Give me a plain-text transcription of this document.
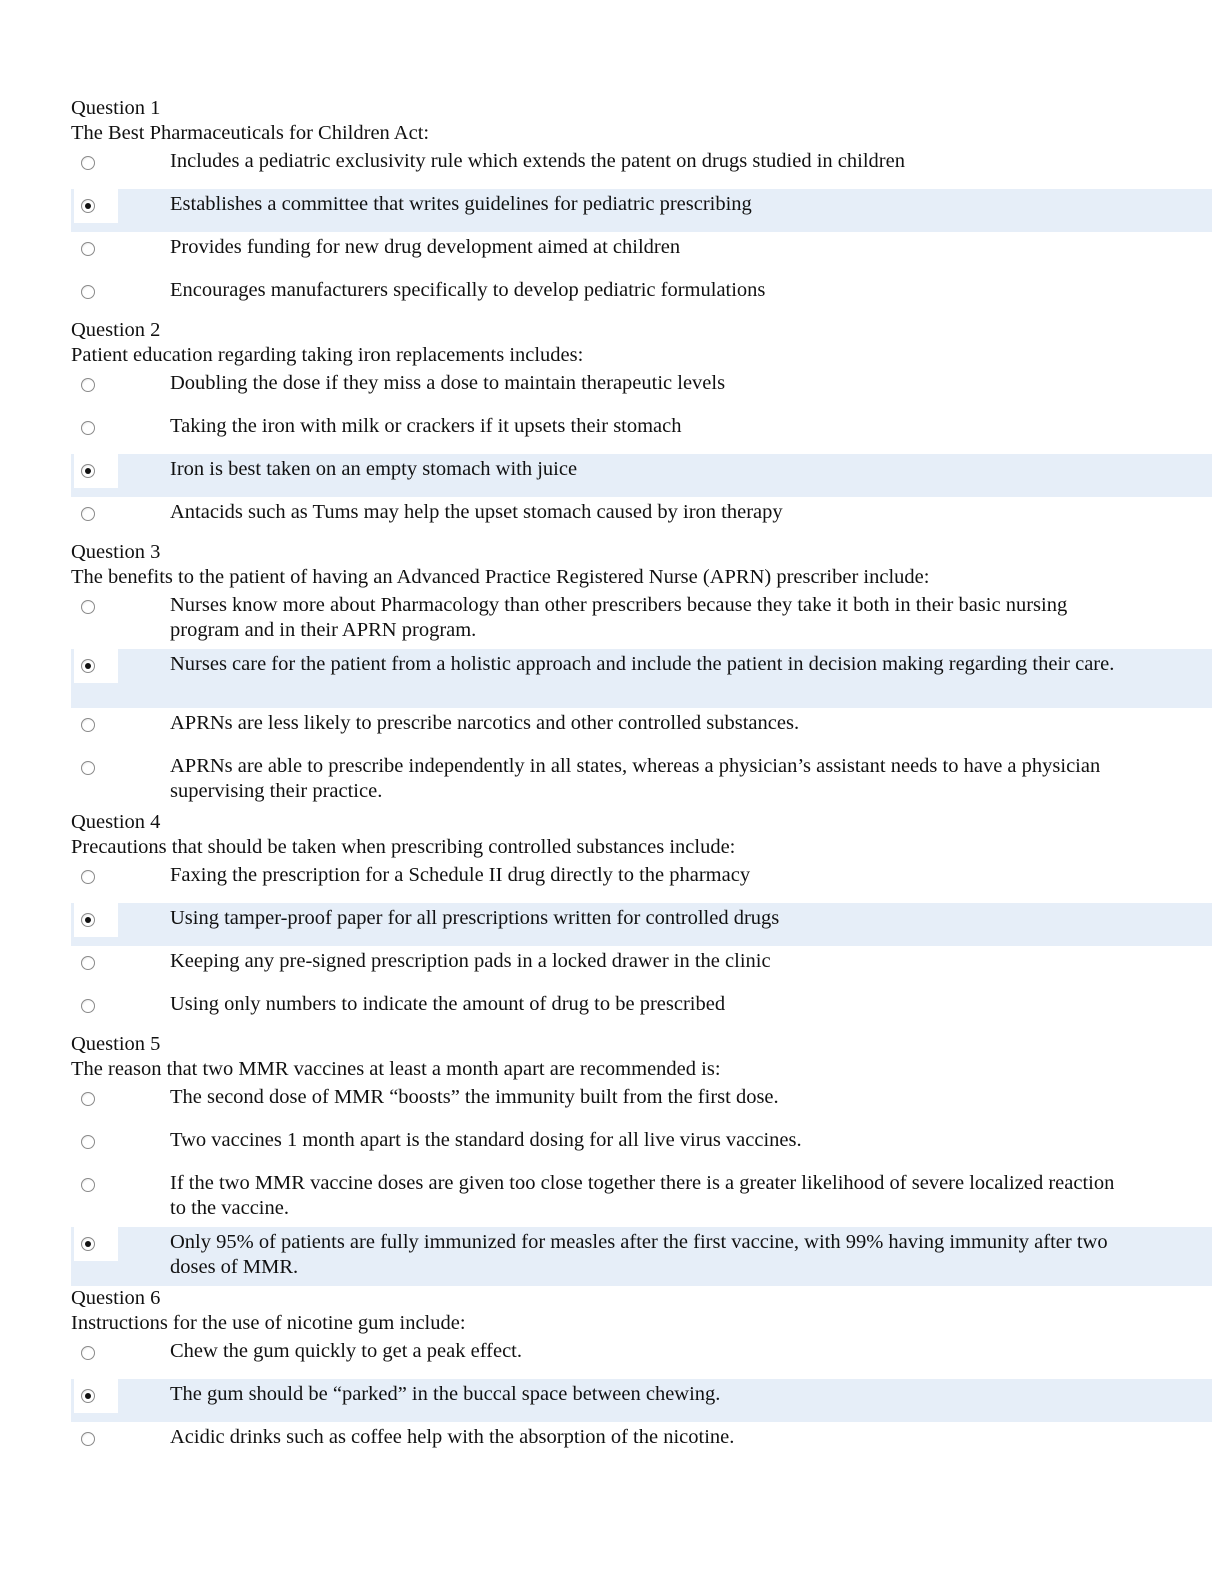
Question 1
The Best Pharmaceuticals for Children Act:
Includes a pediatric exclusivity rule which extends the patent on drugs studied in children
Establishes a committee that writes guidelines for pediatric prescribing
Provides funding for new drug development aimed at children
Encourages manufacturers specifically to develop pediatric formulations
Question 2
Patient education regarding taking iron replacements includes:
Doubling the dose if they miss a dose to maintain therapeutic levels
Taking the iron with milk or crackers if it upsets their stomach
Iron is best taken on an empty stomach with juice
Antacids such as Tums may help the upset stomach caused by iron therapy
Question 3
The benefits to the patient of having an Advanced Practice Registered Nurse (APRN) prescriber include:
Nurses know more about Pharmacology than other prescribers because they take it both in their basic nursing program and in their APRN program.
Nurses care for the patient from a holistic approach and include the patient in decision making regarding their care.
APRNs are less likely to prescribe narcotics and other controlled substances.
APRNs are able to prescribe independently in all states, whereas a physician’s assistant needs to have a physician supervising their practice.
Question 4
Precautions that should be taken when prescribing controlled substances include:
Faxing the prescription for a Schedule II drug directly to the pharmacy
Using tamper-proof paper for all prescriptions written for controlled drugs
Keeping any pre-signed prescription pads in a locked drawer in the clinic
Using only numbers to indicate the amount of drug to be prescribed
Question 5
The reason that two MMR vaccines at least a month apart are recommended is:
The second dose of MMR “boosts” the immunity built from the first dose.
Two vaccines 1 month apart is the standard dosing for all live virus vaccines.
If the two MMR vaccine doses are given too close together there is a greater likelihood of severe localized reaction to the vaccine.
Only 95% of patients are fully immunized for measles after the first vaccine, with 99% having immunity after two doses of MMR.
Question 6
Instructions for the use of nicotine gum include:
Chew the gum quickly to get a peak effect.
The gum should be “parked” in the buccal space between chewing.
Acidic drinks such as coffee help with the absorption of the nicotine.
